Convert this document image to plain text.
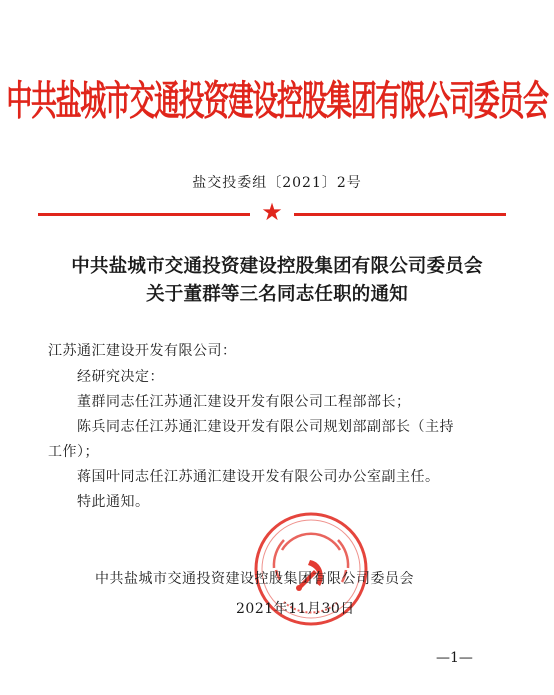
中共盐城市交通投资建设控股集团有限公司委员会
盐交投委组〔2021〕2号
★
中共盐城市交通投资建设控股集团有限公司委员会
关于董群等三名同志任职的通知
江苏通汇建设开发有限公司：
经研究决定：
董群同志任江苏通汇建设开发有限公司工程部部长；
陈兵同志任江苏通汇建设开发有限公司规划部副部长（主持
工作）；
蒋国叶同志任江苏通汇建设开发有限公司办公室副主任。
特此通知。
中共盐城市交通投资建设控股集团有限公司委员会
2021年11月30日
—1—
